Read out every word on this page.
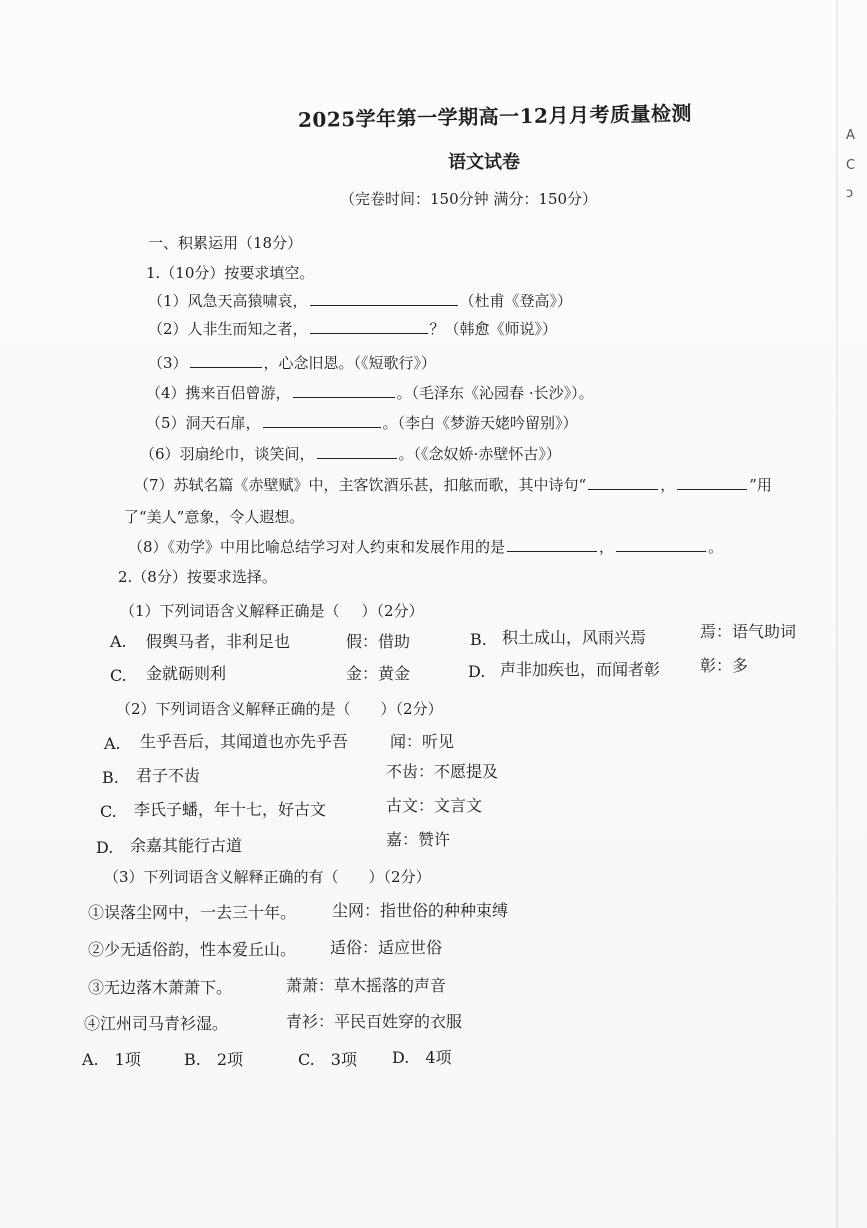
A
C
ɔ
2025学年第一学期高一12月月考质量检测
语文试卷
（完卷时间：150分钟 满分：150分）
一、积累运用（18分）
1.（10分）按要求填空。
（1）风急天高猿啸哀，	（杜甫《登高》）
（2）人非生而知之者，	？（韩愈《师说》）
（3）	，心念旧恩。（《短歌行》）
（4）携来百侣曾游，	。（毛泽东《沁园春 ·长沙》）。
（5）洞天石扉，	。（李白《梦游天姥吟留别》）
（6）羽扇纶巾，谈笑间，	。（《念奴娇·赤壁怀古》）
（7）苏轼名篇《赤壁赋》中，主客饮酒乐甚，扣舷而歌，其中诗句“	，	”用
了“美人”意象，令人遐想。
（8）《劝学》中用比喻总结学习对人约束和发展作用的是	，	。
2.（8分）按要求选择。
（1）下列词语含义解释正确是（ ）（2分）
A. 假舆马者，非利足也	假：借助	B. 积土成山，风雨兴焉	焉：语气助词
C. 金就砺则利	金：黄金	D. 声非加疾也，而闻者彰 彰：多
（2）下列词语含义解释正确的是（ ）（2分）
A. 生乎吾后，其闻道也亦先乎吾	闻：听见
B. 君子不齿	不齿：不愿提及
C. 李氏子蟠，年十七，好古文	古文：文言文
D. 余嘉其能行古道	嘉：赞许
（3）下列词语含义解释正确的有（ ）（2分）
①误落尘网中，一去三十年。 尘网：指世俗的种种束缚
②少无适俗韵，性本爱丘山。 适俗：适应世俗
③无边落木萧萧下。	萧萧：草木摇落的声音
④江州司马青衫湿。	青衫：平民百姓穿的衣服
A.　1项	B.　2项	C.　3项 D.　4项
